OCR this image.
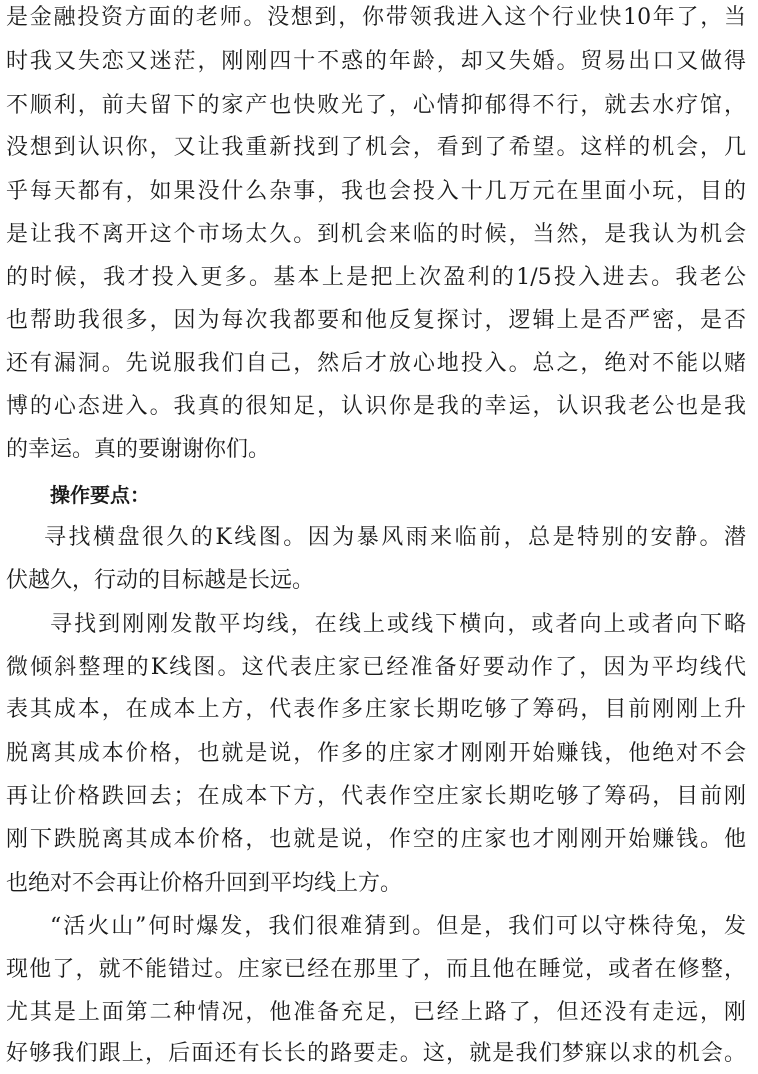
是金融投资方面的老师。没想到，你带领我进入这个行业快10年了，当
时我又失恋又迷茫，刚刚四十不惑的年龄，却又失婚。贸易出口又做得
不顺利，前夫留下的家产也快败光了，心情抑郁得不行，就去水疗馆，
没想到认识你，又让我重新找到了机会，看到了希望。这样的机会，几
乎每天都有，如果没什么杂事，我也会投入十几万元在里面小玩，目的
是让我不离开这个市场太久。到机会来临的时候，当然，是我认为机会
的时候，我才投入更多。基本上是把上次盈利的1/5投入进去。我老公
也帮助我很多，因为每次我都要和他反复探讨，逻辑上是否严密，是否
还有漏洞。先说服我们自己，然后才放心地投入。总之，绝对不能以赌
博的心态进入。我真的很知足，认识你是我的幸运，认识我老公也是我
的幸运。真的要谢谢你们。
操作要点：
寻找横盘很久的K线图。因为暴风雨来临前，总是特别的安静。潜
伏越久，行动的目标越是长远。
寻找到刚刚发散平均线，在线上或线下横向，或者向上或者向下略
微倾斜整理的K线图。这代表庄家已经准备好要动作了，因为平均线代
表其成本，在成本上方，代表作多庄家长期吃够了筹码，目前刚刚上升
脱离其成本价格，也就是说，作多的庄家才刚刚开始赚钱，他绝对不会
再让价格跌回去；在成本下方，代表作空庄家长期吃够了筹码，目前刚
刚下跌脱离其成本价格，也就是说，作空的庄家也才刚刚开始赚钱。他
也绝对不会再让价格升回到平均线上方。
“活火山”何时爆发，我们很难猜到。但是，我们可以守株待兔，发
现他了，就不能错过。庄家已经在那里了，而且他在睡觉，或者在修整，
尤其是上面第二种情况，他准备充足，已经上路了，但还没有走远，刚
好够我们跟上，后面还有长长的路要走。这，就是我们梦寐以求的机会。
